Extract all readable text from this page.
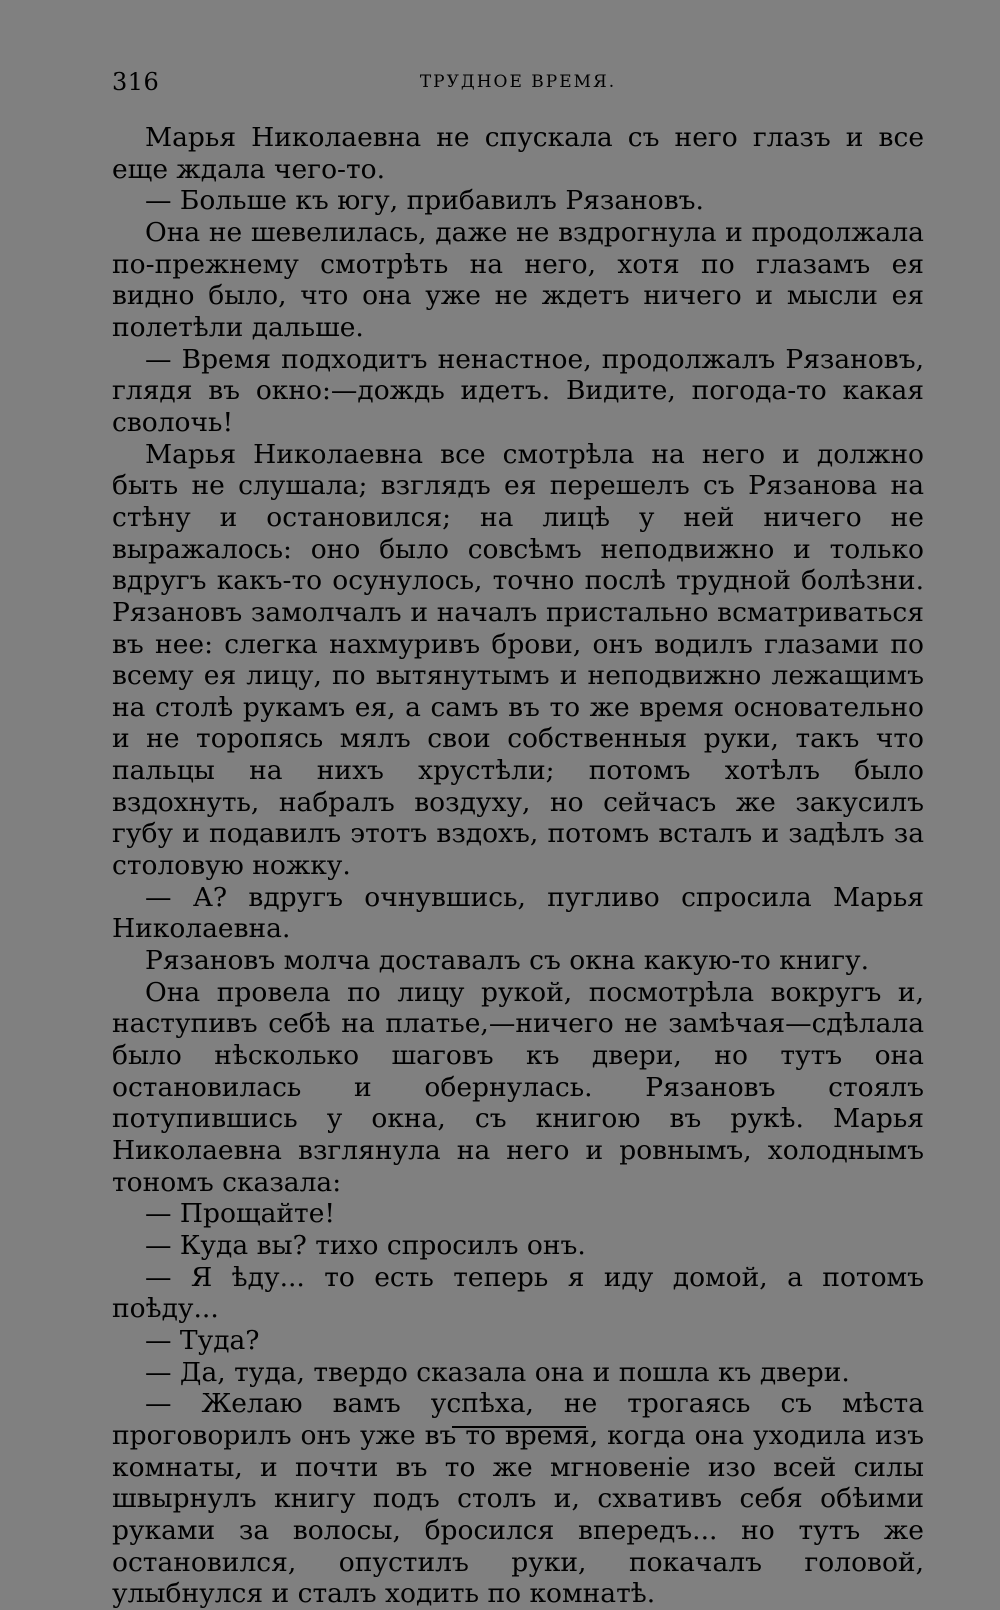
316	ТРУДНОЕ ВРЕМЯ.

Марья Николаевна не спускала съ него глазъ и все еще ждала чего-то.

— Больше къ югу, прибавилъ Рязановъ.

Она не шевелилась, даже не вздрогнула и продолжала по-прежнему смотрѣть на него, хотя по глазамъ ея видно было, что она уже не ждетъ ничего и мысли ея полетѣли дальше.

— Время подходитъ ненастное, продолжалъ Рязановъ, глядя въ окно:—дождь идетъ. Видите, погода-то какая сволочь!

Марья Николаевна все смотрѣла на него и должно быть не слушала; взглядъ ея перешелъ съ Рязанова на стѣну и остановился; на лицѣ у ней ничего не выражалось: оно было совсѣмъ неподвижно и только вдругъ какъ-то осунулось, точно послѣ трудной болѣзни. Рязановъ замолчалъ и началъ пристально всматриваться въ нее: слегка нахмуривъ брови, онъ водилъ глазами по всему ея лицу, по вытянутымъ и неподвижно лежащимъ на столѣ рукамъ ея, а самъ въ то же время основательно и не торопясь мялъ свои собственныя руки, такъ что пальцы на нихъ хрустѣли; потомъ хотѣлъ было вздохнуть, набралъ воздуху, но сейчасъ же закусилъ губу и подавилъ этотъ вздохъ, потомъ всталъ и задѣлъ за столовую ножку.

— А? вдругъ очнувшись, пугливо спросила Марья Николаевна.

Рязановъ молча доставалъ съ окна какую-то книгу.

Она провела по лицу рукой, посмотрѣла вокругъ и, наступивъ себѣ на платье,—ничего не замѣчая—сдѣлала было нѣсколько шаговъ къ двери, но тутъ она остановилась и обернулась. Рязановъ стоялъ потупившись у окна, съ книгою въ рукѣ. Марья Николаевна взглянула на него и ровнымъ, холоднымъ тономъ сказала:

— Прощайте!

— Куда вы? тихо спросилъ онъ.

— Я ѣду... то есть теперь я иду домой, а потомъ поѣду...

— Туда?

— Да, туда, твердо сказала она и пошла къ двери.

— Желаю вамъ успѣха, не трогаясь съ мѣста проговорилъ онъ уже въ то время, когда она уходила изъ комнаты, и почти въ то же мгновеніе изо всей силы швырнулъ книгу подъ столъ и, схвативъ себя обѣими руками за волосы, бросился впередъ... но тутъ же остановился, опустилъ руки, покачалъ головой, улыбнулся и сталъ ходить по комнатѣ.
